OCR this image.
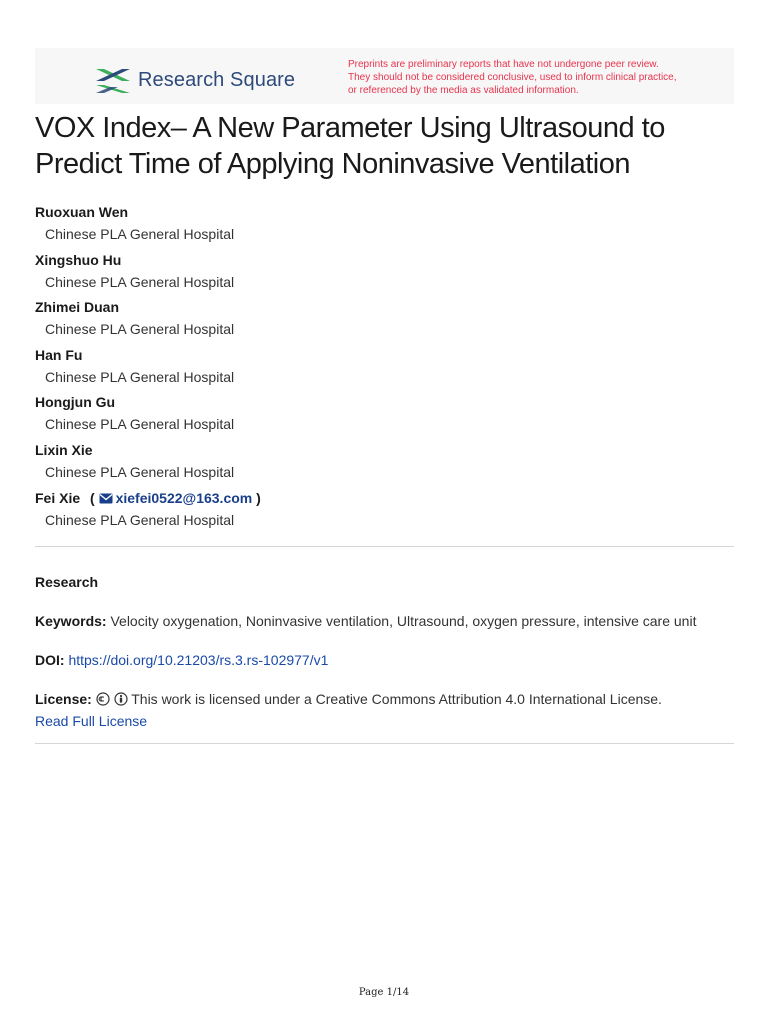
Research Square
Preprints are preliminary reports that have not undergone peer review.
They should not be considered conclusive, used to inform clinical practice,
or referenced by the media as validated information.
VOX Index– A New Parameter Using Ultrasound to
Predict Time of Applying Noninvasive Ventilation
Ruoxuan Wen
Chinese PLA General Hospital
Xingshuo Hu
Chinese PLA General Hospital
Zhimei Duan
Chinese PLA General Hospital
Han Fu
Chinese PLA General Hospital
Hongjun Gu
Chinese PLA General Hospital
Lixin Xie
Chinese PLA General Hospital
Fei Xie ( xiefei0522@163.com )
Chinese PLA General Hospital
Research
Keywords: Velocity oxygenation, Noninvasive ventilation, Ultrasound, oxygen pressure, intensive care unit
DOI: https://doi.org/10.21203/rs.3.rs-102977/v1
License:	This work is licensed under a Creative Commons Attribution 4.0 International License.
Read Full License
Page 1/14
